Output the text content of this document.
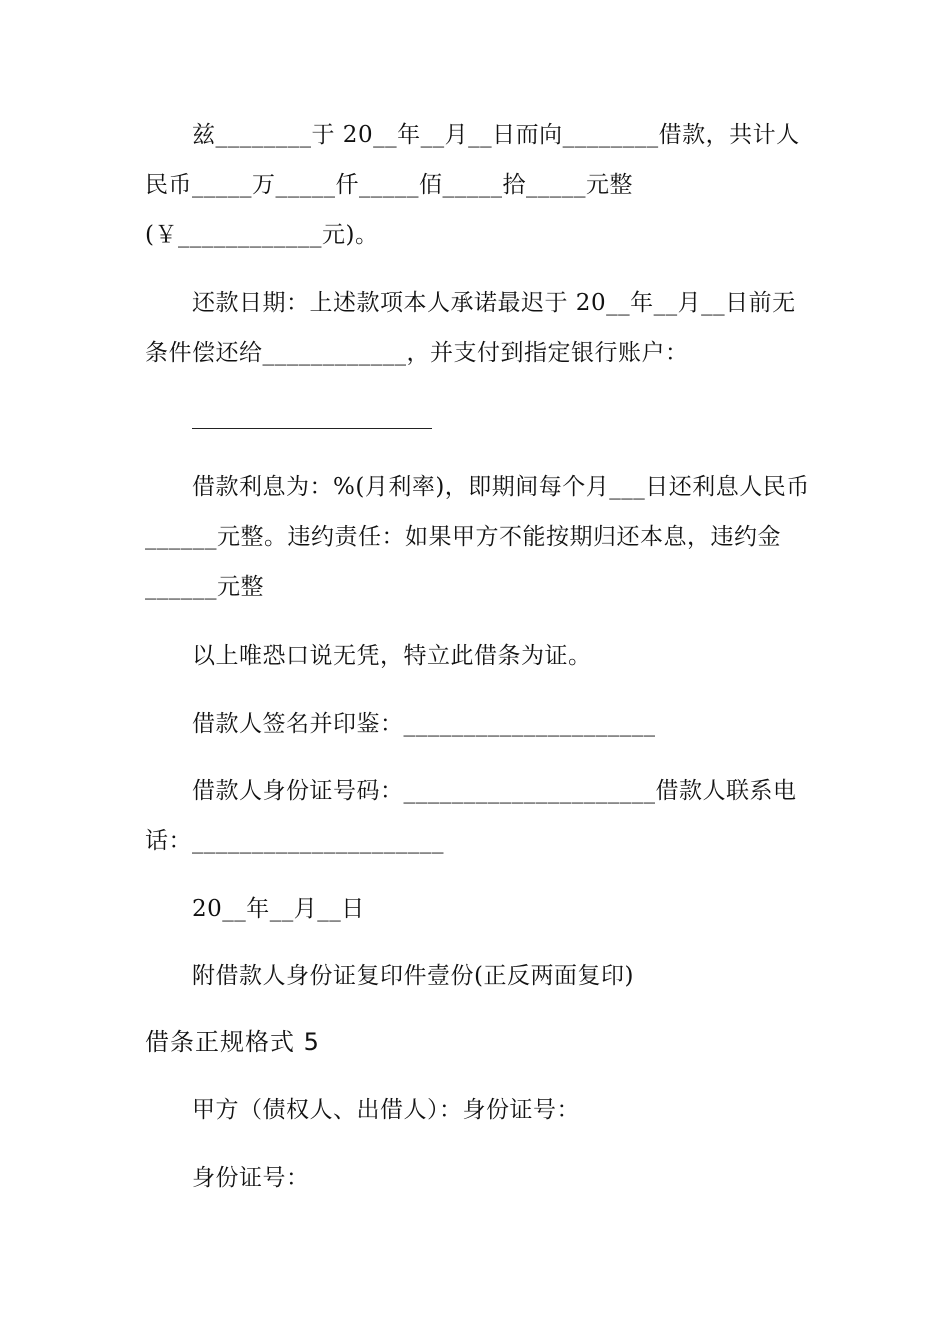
兹________于 20__年__月__日而向________借款，共计人
民币_____万_____仟_____佰_____拾_____元整
(￥____________元)。
还款日期：上述款项本人承诺最迟于 20__年__月__日前无
条件偿还给____________，并支付到指定银行账户：
借款利息为：%(月利率)，即期间每个月___日还利息人民币
______元整。违约责任：如果甲方不能按期归还本息，违约金
______元整
以上唯恐口说无凭，特立此借条为证。
借款人签名并印鉴：_____________________
借款人身份证号码：_____________________借款人联系电
话：_____________________
20__年__月__日
附借款人身份证复印件壹份(正反两面复印)
借条正规格式 5
甲方（债权人、出借人）：身份证号：
身份证号：
